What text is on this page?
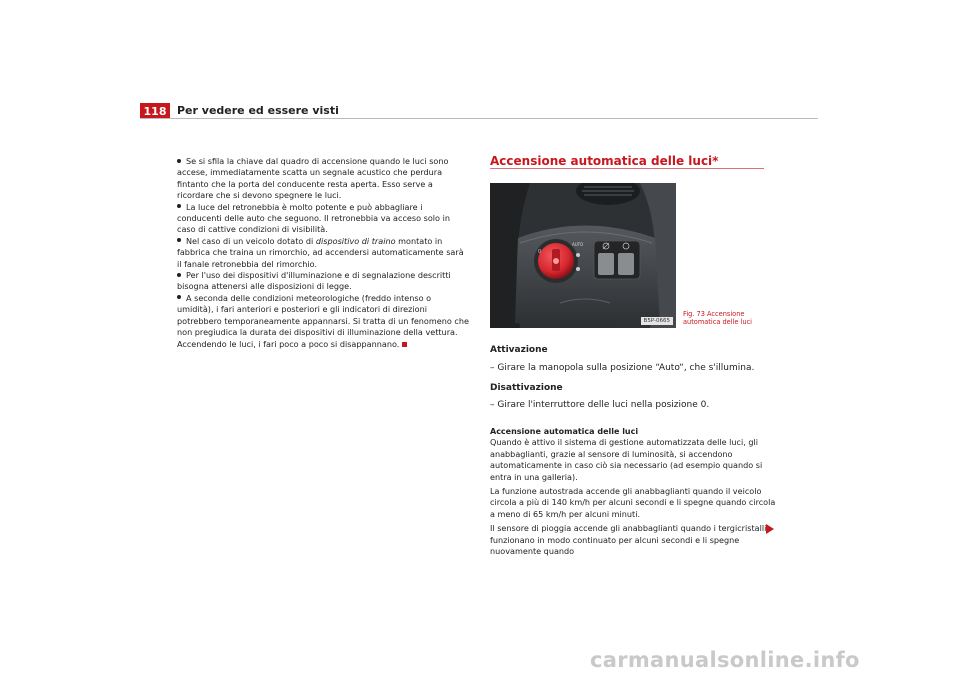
118 Per vedere ed essere visti

Se si sfila la chiave dal quadro di accensione quando le luci sono accese, immediatamente scatta un segnale acustico che perdura fintanto che la porta del conducente resta aperta. Esso serve a ricordare che si devono spegnere le luci.

La luce del retronebbia è molto potente e può abbagliare i conducenti delle auto che seguono. Il retronebbia va acceso solo in caso di cattive condizioni di visibilità.

Nel caso di un veicolo dotato di dispositivo di traino montato in fabbrica che traina un rimorchio, ad accendersi automaticamente sarà il fanale retronebbia del rimorchio.

Per l'uso dei dispositivi d'illuminazione e di segnalazione descritti bisogna attenersi alle disposizioni di legge.

A seconda delle condizioni meteorologiche (freddo intenso o umidità), i fari anteriori e posteriori e gli indicatori di direzioni potrebbero temporaneamente appannarsi. Si tratta di un fenomeno che non pregiudica la durata dei dispositivi di illuminazione della vettura. Accendendo le luci, i fari poco a poco si disappannano.

Accensione automatica delle luci*
AUTO
0
B5P-0665
Fig. 73 Accensione automatica delle luci
Attivazione
– Girare la manopola sulla posizione “Auto“, che s'illumina.
Disattivazione
– Girare l'interruttore delle luci nella posizione 0.

Accensione automatica delle luci

Quando è attivo il sistema di gestione automatizzata delle luci, gli anabbaglianti, grazie al sensore di luminosità, si accendono automaticamente in caso ciò sia necessario (ad esempio quando si entra in una galleria).

La funzione autostrada accende gli anabbaglianti quando il veicolo circola a più di 140 km/h per alcuni secondi e li spegne quando circola a meno di 65 km/h per alcuni minuti.

Il sensore di pioggia accende gli anabbaglianti quando i tergicristalli funzionano in modo continuato per alcuni secondi e li spegne nuovamente quando

carmanualsonline.info
